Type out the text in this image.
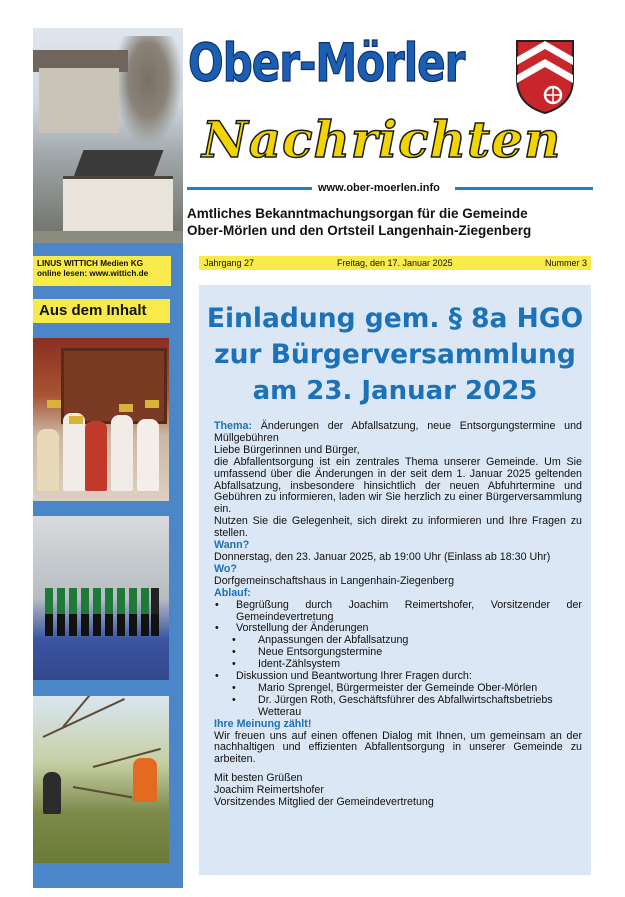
Ober-Mörler
Nachrichten
www.ober-moerlen.info
Amtliches Bekanntmachungsorgan für die Gemeinde
Ober-Mörlen und den Ortsteil Langenhain-Ziegenberg
LINUS WITTICH Medien KG
online lesen: www.wittich.de
Aus dem Inhalt
Jahrgang 27	Freitag, den 17. Januar 2025	Nummer 3
Einladung gem. § 8a HGO
zur Bürgerversammlung
am 23. Januar 2025

Thema: Änderungen der Abfallsatzung, neue Entsorgungstermine und Müllgebühren

Liebe Bürgerinnen und Bürger,

die Abfallentsorgung ist ein zentrales Thema unserer Gemeinde. Um Sie umfassend über die Änderungen in der seit dem 1. Januar 2025 geltenden Abfallsatzung, insbesondere hinsichtlich der neuen Abfuhrtermine und Gebühren zu informieren, laden wir Sie herzlich zu einer Bürgerversammlung ein.

Nutzen Sie die Gelegenheit, sich direkt zu informieren und Ihre Fragen zu stellen.

Wann?

Donnerstag, den 23. Januar 2025, ab 19:00 Uhr (Einlass ab 18:30 Uhr)

Wo?

Dorfgemeinschaftshaus in Langenhain-Ziegenberg

Ablauf:

• Begrüßung durch Joachim Reimertshofer, Vorsitzender der Gemeindevertretung
• Vorstellung der Änderungen
• Anpassungen der Abfallsatzung
• Neue Entsorgungstermine
• Ident-Zählsystem
• Diskussion und Beantwortung Ihrer Fragen durch:
• Mario Sprengel, Bürgermeister der Gemeinde Ober-Mörlen
• Dr. Jürgen Roth, Geschäftsführer des Abfallwirtschaftsbetriebs Wetterau

Ihre Meinung zählt!

Wir freuen uns auf einen offenen Dialog mit Ihnen, um gemeinsam an der nachhaltigen und effizienten Abfallentsorgung in unserer Gemeinde zu arbeiten.

Mit besten Grüßen

Joachim Reimertshofer

Vorsitzendes Mitglied der Gemeindevertretung
